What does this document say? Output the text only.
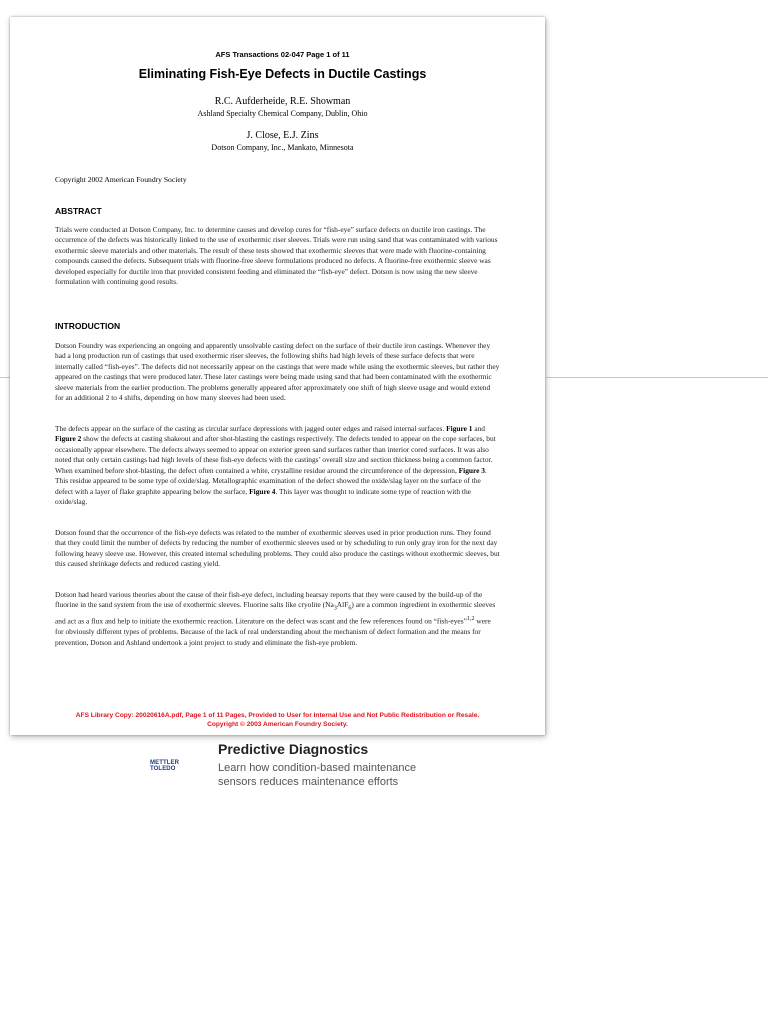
AFS Transactions 02-047 Page 1 of 11
Eliminating Fish-Eye Defects in Ductile Castings
R.C. Aufderheide, R.E. Showman
Ashland Specialty Chemical Company, Dublin, Ohio
J. Close, E.J. Zins
Dotson Company, Inc., Mankato, Minnesota
Copyright 2002 American Foundry Society
ABSTRACT

Trials were conducted at Dotson Company, Inc. to determine causes and develop cures for “fish-eye” surface defects on ductile iron castings. The occurrence of the defects was historically linked to the use of exothermic riser sleeves. Trials were run using sand that was contaminated with various exothermic sleeve materials and other materials. The result of these tests showed that exothermic sleeves that were made with fluorine-containing compounds caused the defects. Subsequent trials with fluorine-free sleeve formulations produced no defects. A fluorine-free exothermic sleeve was developed especially for ductile iron that provided consistent feeding and eliminated the “fish-eye” defect. Dotson is now using the new sleeve formulation with continuing good results.

INTRODUCTION

Dotson Foundry was experiencing an ongoing and apparently unsolvable casting defect on the surface of their ductile iron castings. Whenever they had a long production run of castings that used exothermic riser sleeves, the following shifts had high levels of these surface defects that were internally called “fish-eyes”. The defects did not necessarily appear on the castings that were made while using the exothermic sleeves, but rather they appeared on the castings that were produced later. These later castings were being made using sand that had been contaminated with the exothermic sleeve materials from the earlier production. The problems generally appeared after approximately one shift of high sleeve usage and would extend for an additional 2 to 4 shifts, depending on how many sleeves had been used.

The defects appear on the surface of the casting as circular surface depressions with jagged outer edges and raised internal surfaces. Figure 1 and Figure 2 show the defects at casting shakeout and after shot-blasting the castings respectively. The defects tended to appear on the cope surfaces, but occasionally appear elsewhere. The defects always seemed to appear on exterior green sand surfaces rather than interior cored surfaces. It was also noted that only certain castings had high levels of these fish-eye defects with the castings’ overall size and section thickness being a common factor. When examined before shot-blasting, the defect often contained a white, crystalline residue around the circumference of the depression, Figure 3. This residue appeared to be some type of oxide/slag. Metallographic examination of the defect showed the oxide/slag layer on the surface of the defect with a layer of flake graphite appearing below the surface, Figure 4. This layer was thought to indicate some type of reaction with the oxide/slag.

Dotson found that the occurrence of the fish-eye defects was related to the number of exothermic sleeves used in prior production runs. They found that they could limit the number of defects by reducing the number of exothermic sleeves used or by scheduling to run only gray iron for the next day following heavy sleeve use. However, this created internal scheduling problems. They could also produce the castings without exothermic sleeves, but this caused shrinkage defects and reduced casting yield.

Dotson had heard various theories about the cause of their fish-eye defect, including hearsay reports that they were caused by the build-up of the fluorine in the sand system from the use of exothermic sleeves. Fluorine salts like cryolite $(Na_3AlF_6)$ are a common ingredient in exothermic sleeves and act as a flux and help to initiate the exothermic reaction. Literature on the defect was scant and the few references found on “fish-eyes”$^{1,2}$ were for obviously different types of problems. Because of the lack of real understanding about the mechanism of defect formation and the means for prevention, Dotson and Ashland undertook a joint project to study and eliminate the fish-eye problem.

AFS Library Copy: 20020616A.pdf, Page 1 of 11 Pages, Provided to User for Internal Use and Not Public Redistribution or Resale.
Copyright © 2003 American Foundry Society.
METTLER TOLEDO
Predictive Diagnostics
Learn how condition-based maintenance
sensors reduces maintenance efforts
